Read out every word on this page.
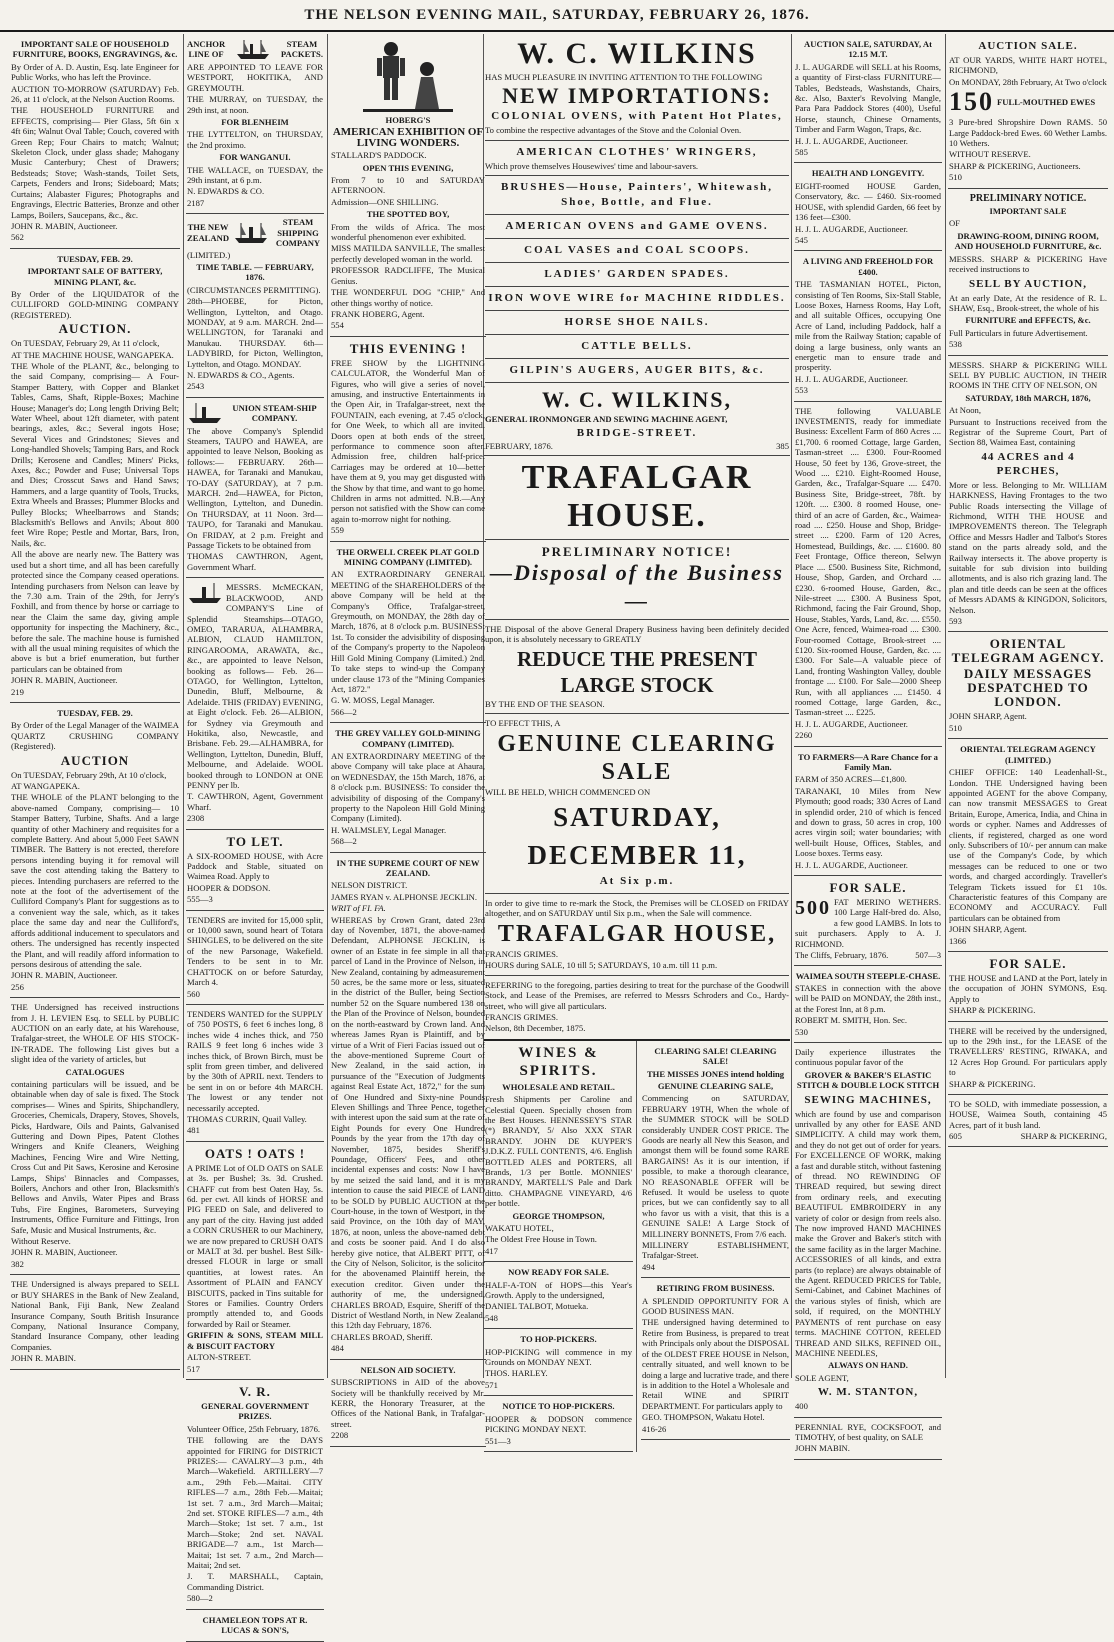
THE NELSON EVENING MAIL, SATURDAY, FEBRUARY 26, 1876.
IMPORTANT SALE OF HOUSEHOLD FURNITURE, BOOKS, ENGRAVINGS, &c.

By Order of A. D. Austin, Esq. late Engineer for Public Works, who has left the Province.

AUCTION TO-MORROW (SATURDAY) Feb. 26, at 11 o'clock, at the Nelson Auction Rooms.

THE HOUSEHOLD FURNITURE and EFFECTS, comprising— Pier Glass, 5ft 6in x 4ft 6in; Walnut Oval Table; Couch, covered with Green Rep; Four Chairs to match; Walnut; Skeleton Clock, under glass shade; Mahogany Music Canterbury; Chest of Drawers; Bedsteads; Stove; Wash-stands, Toilet Sets, Carpets, Fenders and Irons; Sideboard; Mats; Curtains; Alabaster Figures; Photographs and Engravings, Electric Batteries, Bronze and other Lamps, Boilers, Saucepans, &c., &c.

JOHN R. MABIN, Auctioneer.

562

TUESDAY, FEB. 29.
IMPORTANT SALE OF BATTERY, MINING PLANT, &c.

By Order of the LIQUIDATOR of the CULLIFORD GOLD-MINING COMPANY (REGISTERED).

AUCTION.

On TUESDAY, February 29, At 11 o'clock,

AT THE MACHINE HOUSE, WANGAPEKA.

THE Whole of the PLANT, &c., belonging to the said Company, comprising— A Four-Stamper Battery, with Copper and Blanket Tables, Cams, Shaft, Ripple-Boxes; Machine House; Manager's do; Long length Driving Belt; Water Wheel, about 12ft diameter, with patent bearings, axles, &c.; Several ingots Hose; Several Vices and Grindstones; Sieves and Long-handled Shovels; Tamping Bars, and Rock Drills; Kerosene and Candles; Miners' Picks, Axes, &c.; Powder and Fuse; Universal Tops and Dies; Crosscut Saws and Hand Saws; Hammers, and a large quantity of Tools, Trucks, Extra Wheels and Brasses; Plummer Blocks and Pulley Blocks; Wheelbarrows and Stands; Blacksmith's Bellows and Anvils; About 800 feet Wire Rope; Pestle and Mortar, Bars, Iron, Nails, &c.

All the above are nearly new. The Battery was used but a short time, and all has been carefully protected since the Company ceased operations. Intending purchasers from Nelson can leave by the 7.30 a.m. Train of the 29th, for Jerry's Foxhill, and from thence by horse or carriage to near the Claim the same day, giving ample opportunity for inspecting the Machinery, &c., before the sale. The machine house is furnished with all the usual mining requisites of which the above is but a brief enumeration, but further particulars can be obtained from

JOHN R. MABIN, Auctioneer.

219

TUESDAY, FEB. 29.

By Order of the Legal Manager of the WAIMEA QUARTZ CRUSHING COMPANY (Registered).

AUCTION

On TUESDAY, February 29th, At 10 o'clock,

AT WANGAPEKA.

THE WHOLE of the PLANT belonging to the above-named Company, comprising— 10 Stamper Battery, Turbine, Shafts. And a large quantity of other Machinery and requisites for a complete Battery. And about 5,000 Feet SAWN TIMBER. The Battery is not erected, therefore persons intending buying it for removal will save the cost attending taking the Battery to pieces. Intending purchasers are referred to the note at the foot of the advertisement of the Culliford Company's Plant for suggestions as to a convenient way the sale, which, as it takes place the same day and near the Culliford's, affords additional inducement to speculators and others. The undersigned has recently inspected the Plant, and will readily afford information to persons desirous of attending the sale.

JOHN R. MABIN, Auctioneer.

256

THE Undersigned has received instructions from J. H. LEVIEN Esq. to SELL by PUBLIC AUCTION on an early date, at his Warehouse, Trafalgar-street, the WHOLE OF HIS STOCK-IN-TRADE. The following List gives but a slight idea of the variety of articles, but

CATALOGUES

containing particulars will be issued, and be obtainable when day of sale is fixed. The Stock comprises— Wines and Spirits, Shipchandlery, Groceries, Chemicals, Drapery, Stoves, Shovels, Picks, Hardware, Oils and Paints, Galvanised Guttering and Down Pipes, Patent Clothes Wringers and Knife Cleaners, Weighing Machines, Fencing Wire and Wire Netting, Cross Cut and Pit Saws, Kerosine and Kerosine Lamps, Ships' Binnacles and Compasses, Boilers, Anchors and other Iron, Blacksmith's Bellows and Anvils, Water Pipes and Brass Tubs, Fire Engines, Barometers, Surveying Instruments, Office Furniture and Fittings, Iron Safe, Music and Musical Instruments, &c.

Without Reserve.

JOHN R. MABIN, Auctioneer.

382

THE Undersigned is always prepared to SELL or BUY SHARES in the Bank of New Zealand, National Bank, Fiji Bank, New Zealand Insurance Company, South British Insurance Company, National Insurance Company, Standard Insurance Company, other leading Companies.

JOHN R. MABIN.

ANCHOR
LINE OF
STEAM
PACKETS.

ARE APPOINTED TO LEAVE FOR WESTPORT, HOKITIKA, AND GREYMOUTH.

THE MURRAY, on TUESDAY, the 29th inst, at noon.

FOR BLENHEIM

THE LYTTELTON, on THURSDAY, the 2nd proximo.

FOR WANGANUI.

THE WALLACE, on TUESDAY, the 29th instant, at 6 p.m.

N. EDWARDS & CO.

2187

THE NEW ZEALAND
STEAM SHIPPING COMPANY

(LIMITED.)

TIME TABLE. — FEBRUARY, 1876.

(CIRCUMSTANCES PERMITTING).

28th—PHOEBE, for Picton, Wellington, Lyttelton, and Otago. MONDAY, at 9 a.m. MARCH. 2nd—WELLINGTON, for Taranaki and Manukau. THURSDAY. 6th—LADYBIRD, for Picton, Wellington, Lyttelton, and Otago. MONDAY.

N. EDWARDS & CO., Agents.

2543

UNION STEAM-SHIP COMPANY.

The above Company's Splendid Steamers, TAUPO and HAWEA, are appointed to leave Nelson, Booking as follows:— FEBRUARY. 26th—HAWEA, for Taranaki and Manukau, TO-DAY (SATURDAY), at 7 p.m. MARCH. 2nd—HAWEA, for Picton, Wellington, Lyttelton, and Dunedin. On THURSDAY, at 11 Noon. 3rd—TAUPO, for Taranaki and Manukau. On FRIDAY, at 2 p.m. Freight and Passage Tickets to be obtained from

THOMAS CAWTHRON, Agent, Government Wharf.

MESSRS. McMECKAN, BLACKWOOD, AND COMPANY'S Line of Splendid Steamships—OTAGO, OMEO, TARARUA, ALHAMBRA, ALBION, CLAUD HAMILTON, RINGAROOMA, ARAWATA, &c., &c., are appointed to leave Nelson, booking as follows— Feb. 26—OTAGO, for Wellington, Lyttelton, Dunedin, Bluff, Melbourne, & Adelaide. THIS (FRIDAY) EVENING, at Eight o'clock. Feb. 26—ALBION, for Sydney via Greymouth and Hokitika, also, Newcastle, and Brisbane. Feb. 29.—ALHAMBRA, for Wellington, Lyttelton, Dunedin, Bluff, Melbourne, and Adelaide. WOOL booked through to LONDON at ONE PENNY per lb.

T. CAWTHRON, Agent, Government Wharf.

2308

TO LET.

A SIX-ROOMED HOUSE, with Acre Paddock and Stable, situated on Waimea Road. Apply to

HOOPER & DODSON.

555—3

TENDERS are invited for 15,000 split, or 10,000 sawn, sound heart of Totara SHINGLES, to be delivered on the site of the new Parsonage, Wakefield. Tenders to be sent in to Mr. CHATTOCK on or before Saturday, March 4.

560

TENDERS WANTED for the SUPPLY of 750 POSTS, 6 feet 6 inches long, 8 inches wide 4 inches thick, and 750 RAILS 9 feet long 6 inches wide 3 inches thick, of Brown Birch, must be split from green timber, and delivered by the 30th of APRIL next. Tenders to be sent in on or before 4th MARCH. The lowest or any tender not necessarily accepted.

THOMAS CURRIN, Quail Valley.

481

OATS ! OATS !

A PRIME Lot of OLD OATS on SALE at 3s. per Bushel; 3s. 3d. Crushed. CHAFF cut from best Oaten Hay, 5s. 6d. per cwt. All kinds of HORSE and PIG FEED on Sale, and delivered to any part of the city. Having just added a CORN CRUSHER to our Machinery, we are now prepared to CRUSH OATS or MALT at 3d. per bushel. Best Silk-dressed FLOUR in large or small quantities, at lowest rates. An Assortment of PLAIN and FANCY BISCUITS, packed in Tins suitable for Stores or Families. Country Orders promptly attended to, and Goods forwarded by Rail or Steamer.

GRIFFIN & SONS, STEAM MILL & BISCUIT FACTORY

ALTON-STREET.

517

V. R.
GENERAL GOVERNMENT PRIZES.

Volunteer Office, 25th February, 1876.

THE following are the DAYS appointed for FIRING for DISTRICT PRIZES:— CAVALRY—3 p.m., 4th March—Wakefield. ARTILLERY—7 a.m., 29th Feb.—Maitai. CITY RIFLES—7 a.m., 28th Feb.—Maitai; 1st set. 7 a.m., 3rd March—Maitai; 2nd set. STOKE RIFLES—7 a.m., 4th March—Stoke; 1st set. 7 a.m., 1st March—Stoke; 2nd set. NAVAL BRIGADE—7 a.m., 1st March—Maitai; 1st set. 7 a.m., 2nd March—Maitai; 2nd set.

J. T. MARSHALL, Captain, Commanding District.

580—2

CHAMELEON TOPS AT R. LUCAS & SON'S,
HOBERG'S
AMERICAN EXHIBITION OF LIVING WONDERS.

STALLARD'S PADDOCK.

OPEN THIS EVENING,

From 7 to 10 and SATURDAY AFTERNOON.

Admission—ONE SHILLING.

THE SPOTTED BOY,

From the wilds of Africa. The most wonderful phenomenon ever exhibited.

MISS MATILDA SANVILLE, The smallest perfectly developed woman in the world.

PROFESSOR RADCLIFFE, The Musical Genius.

THE WONDERFUL DOG "CHIP," And other things worthy of notice.

FRANK HOBERG, Agent.

554

THIS EVENING !

FREE SHOW by the LIGHTNING CALCULATOR, the Wonderful Man of Figures, who will give a series of novel, amusing, and instructive Entertainments in the Open Air, in Trafalgar-street, next the FOUNTAIN, each evening, at 7.45 o'clock, for One Week, to which all are invited. Doors open at both ends of the street, performance to commence soon after. Admission free, children half-price. Carriages may be ordered at 10—better have them at 9, you may get disgusted with the Show by that time, and want to go home. Children in arms not admitted. N.B.—Any person not satisfied with the Show can come again to-morrow night for nothing.

559

THE ORWELL CREEK PLAT GOLD MINING COMPANY (LIMITED).

AN EXTRAORDINARY GENERAL MEETING of the SHAREHOLDERS of the above Company will be held at the Company's Office, Trafalgar-street, Greymouth, on MONDAY, the 28th day of March, 1876, at 8 o'clock p.m. BUSINESS: 1st. To consider the advisibility of disposing of the Company's property to the Napoleon Hill Gold Mining Company (Limited.) 2nd. To take steps to wind-up the Company under clause 173 of the "Mining Companies Act, 1872."

G. W. MOSS, Legal Manager.

566—2

THE GREY VALLEY GOLD-MINING COMPANY (LIMITED).

AN EXTRAORDINARY MEETING of the above Company will take place at Ahaura, on WEDNESDAY, the 15th March, 1876, at 8 o'clock p.m. BUSINESS: To consider the advisibility of disposing of the Company's property to the Napoleon Hill Gold Mining Company (Limited).

H. WALMSLEY, Legal Manager.

568—2

IN THE SUPREME COURT OF NEW ZEALAND.

NELSON DISTRICT.

JAMES RYAN v. ALPHONSE JECKLIN.

WRIT of FI. FA.

WHEREAS by Crown Grant, dated 23rd day of November, 1871, the above-named Defendant, ALPHONSE JECKLIN, is owner of an Estate in fee simple in all that parcel of Land in the Province of Nelson, in New Zealand, containing by admeasurement 50 acres, be the same more or less, situated in the district of the Buller, being Section number 52 on the Square numbered 138 on the Plan of the Province of Nelson, bounded on the north-eastward by Crown land. And whereas James Ryan is Plaintiff, and by virtue of a Writ of Fieri Facias issued out of the above-mentioned Supreme Court of New Zealand, in the said action, in pursuance of the "Execution of Judgments against Real Estate Act, 1872," for the sum of One Hundred and Sixty-nine Pounds Eleven Shillings and Three Pence, together with interest upon the said sum at the rate of Eight Pounds for every One Hundred Pounds by the year from the 17th day of November, 1875, besides Sheriff's Poundage, Officers' Fees, and other incidental expenses and costs: Now I have by me seized the said land, and it is my intention to cause the said PIECE of LAND to be SOLD by PUBLIC AUCTION at the Court-house, in the town of Westport, in the said Province, on the 10th day of MAY, 1876, at noon, unless the above-named debt and costs be sooner paid. And I do also hereby give notice, that ALBERT PITT, of the City of Nelson, Solicitor, is the solicitor for the abovenamed Plaintiff herein, the execution creditor. Given under the authority of me, the undersigned, CHARLES BROAD, Esquire, Sheriff of the District of Westland North, in New Zealand, this 12th day February, 1876.

CHARLES BROAD, Sheriff.

484

NELSON AID SOCIETY.

SUBSCRIPTIONS in AID of the above Society will be thankfully received by Mr. KERR, the Honorary Treasurer, at the Offices of the National Bank, in Trafalgar-street.

2208

W. C. WILKINS

HAS MUCH PLEASURE IN INVITING ATTENTION TO THE FOLLOWING

NEW IMPORTATIONS:
COLONIAL OVENS, with Patent Hot Plates,

To combine the respective advantages of the Stove and the Colonial Oven.

AMERICAN CLOTHES' WRINGERS,

Which prove themselves Housewives' time and labour-savers.

BRUSHES—House, Painters', Whitewash, Shoe, Bottle, and Flue.
AMERICAN OVENS and GAME OVENS.
COAL VASES and COAL SCOOPS.
LADIES' GARDEN SPADES.
IRON WOVE WIRE for MACHINE RIDDLES.
HORSE SHOE NAILS.
CATTLE BELLS.
GILPIN'S AUGERS, AUGER BITS, &c.
W. C. WILKINS,

GENERAL IRONMONGER AND SEWING MACHINE AGENT,

BRIDGE-STREET.
FEBRUARY, 1876.	385
TRAFALGAR HOUSE.
PRELIMINARY NOTICE!
—Disposal of the Business—

THE Disposal of the above General Drapery Business having been definitely decided upon, it is absolutely necessary to GREATLY

REDUCE THE PRESENT LARGE STOCK

BY THE END OF THE SEASON.

TO EFFECT THIS, A

GENUINE CLEARING SALE

WILL BE HELD, WHICH COMMENCED ON

SATURDAY, DECEMBER 11,
At Six p.m.

In order to give time to re-mark the Stock, the Premises will be CLOSED on FRIDAY altogether, and on SATURDAY until Six p.m., when the Sale will commence.

TRAFALGAR HOUSE,

FRANCIS GRIMES.

HOURS during SALE, 10 till 5; SATURDAYS, 10 a.m. till 11 p.m.

REFERRING to the foregoing, parties desiring to treat for the purchase of the Goodwill Stock, and Lease of the Premises, are referred to Messrs Schroders and Co., Hardy-street, who will give all particulars.

FRANCIS GRIMES.

Nelson, 8th December, 1875.

WINES & SPIRITS.
WHOLESALE AND RETAIL.

Fresh Shipments per Caroline and Celestial Queen. Specially chosen from the Best Houses. HENNESSEY'S STAR (*) BRANDY, 5/ Also XXX STAR BRANDY. JOHN DE KUYPER'S J.D.K.Z. FULL CONTENTS, 4/6. English BOTTLED ALES and PORTERS, all Brands, 1/3 per Bottle. MONNIES' BRANDY, MARTELL'S Pale and Dark ditto. CHAMPAGNE VINEYARD, 4/6 per bottle.

GEORGE THOMPSON,

WAKATU HOTEL,

The Oldest Free House in Town.

417

NOW READY FOR SALE.

HALF-A-TON of HOPS—this Year's Growth. Apply to the undersigned,

DANIEL TALBOT, Motueka.

548

TO HOP-PICKERS.

HOP-PICKING will commence in my Grounds on MONDAY NEXT.

THOS. HARLEY.

571

NOTICE TO HOP-PICKERS.

HOOPER & DODSON commence PICKING MONDAY NEXT.

551—3

CLEARING SALE! CLEARING SALE!
THE MISSES JONES intend holding
GENUINE CLEARING SALE,

Commencing on SATURDAY, FEBRUARY 19TH, When the whole of the SUMMER STOCK will be SOLD considerably UNDER COST PRICE. The Goods are nearly all New this Season, and amongst them will be found some RARE BARGAINS! As it is our intention, if possible, to make a thorough clearance, NO REASONABLE OFFER will be Refused. It would be useless to quote prices, but we can confidently say to all who favor us with a visit, that this is a GENUINE SALE! A Large Stock of MILLINERY BONNETS, From 7/6 each.

MILLINERY ESTABLISHMENT, Trafalgar-Street.

494

RETIRING FROM BUSINESS.

A SPLENDID OPPORTUNITY FOR A GOOD BUSINESS MAN.

THE undersigned having determined to Retire from Business, is prepared to treat with Principals only about the DISPOSAL of the OLDEST FREE HOUSE in Nelson, centrally situated, and well known to be doing a large and lucrative trade, and there is in addition to the Hotel a Wholesale and Retail WINE and SPIRIT DEPARTMENT. For particulars apply to

GEO. THOMPSON, Wakatu Hotel.

416-26

AUCTION SALE, SATURDAY, At 12.15 M.T.

J. L. AUGARDE will SELL at his Rooms, a quantity of First-class FURNITURE—Tables, Bedsteads, Washstands, Chairs, &c. Also, Baxter's Revolving Mangle, Para Para Paddock Stores (400), Useful Horse, staunch, Chinese Ornaments, Timber and Farm Wagon, Traps, &c.

H. J. L. AUGARDE, Auctioneer.

585

HEALTH AND LONGEVITY.

EIGHT-roomed HOUSE Garden, Conservatory, &c. — £460. Six-roomed HOUSE, with splendid Garden, 66 feet by 136 feet—£300.

H. J. L. AUGARDE, Auctioneer.

545

A LIVING AND FREEHOLD FOR £400.

THE TASMANIAN HOTEL, Picton, consisting of Ten Rooms, Six-Stall Stable, Loose Boxes, Harness Rooms, Hay Loft, and all suitable Offices, occupying One Acre of Land, including Paddock, half a mile from the Railway Station; capable of doing a large business, only wants an energetic man to ensure trade and prosperity.

H. J. L. AUGARDE, Auctioneer.

553

THE following VALUABLE INVESTMENTS, ready for immediate Business: Excellent Farm of 860 Acres .... £1,700. 6 roomed Cottage, large Garden, Tasman-street .... £300. Four-Roomed House, 50 feet by 136, Grove-street, the Wood .... £210. Eight-Roomed House, Garden, &c., Trafalgar-Square .... £470. Business Site, Bridge-street, 78ft. by 120ft. .... £300. 8 roomed House, one-third of an acre of Garden, &c., Waimea-road .... £250. House and Shop, Bridge-street .... £200. Farm of 120 Acres, Homestead, Buildings, &c. .... £1600. 80 Feet Frontage, Office thereon, Selwyn Place .... £500. Business Site, Richmond, House, Shop, Garden, and Orchard .... £230. 6-roomed House, Garden, &c., Nile-street .... £300. A Business Spot, Richmond, facing the Fair Ground, Shop, House, Stables, Yards, Land, &c. .... £550. One Acre, fenced, Waimea-road .... £300. Four-roomed Cottage, Brook-street .... £120. Six-roomed House, Garden, &c. .... £300. For Sale—A valuable piece of Land, fronting Washington Valley, double frontage .... £100. For Sale—2000 Sheep Run, with all appliances .... £1450. 4 roomed Cottage, large Garden, &c., Tasman-street .... £225.

H. J. L. AUGARDE, Auctioneer.

2260

TO FARMERS—A Rare Chance for a Family Man.

FARM of 350 ACRES—£1,800.

TARANAKI, 10 Miles from New Plymouth; good roads; 330 Acres of Land in splendid order, 210 of which is fenced and down to grass, 50 acres in crop, 100 acres virgin soil; water boundaries; with well-built House, Offices, Stables, and Loose boxes. Terms easy.

H. J. L. AUGARDE, Auctioneer.

FOR SALE.
500 FAT MERINO WETHERS. 100 Large Half-bred do. Also, a few good LAMBS. In lots to suit purchasers. Apply to A. J. RICHMOND.

The Cliffs, February, 1876.	507—3
WAIMEA SOUTH STEEPLE-CHASE.

STAKES in connection with the above will be PAID on MONDAY, the 28th inst., at the Forest Inn, at 8 p.m.

ROBERT M. SMITH, Hon. Sec.

530

Daily experience illustrates the continuous popular favor of the

GROVER & BAKER'S ELASTIC STITCH & DOUBLE LOCK STITCH
SEWING MACHINES,

which are found by use and comparison unrivalled by any other for EASE AND SIMPLICITY. A child may work them, and they do not get out of order for years. For EXCELLENCE OF WORK, making a fast and durable stitch, without fastening of thread. NO REWINDING OF THREAD required, but sewing direct from ordinary reels, and executing BEAUTIFUL EMBROIDERY in any variety of color or design from reels also. The now improved HAND MACHINES make the Grover and Baker's stitch with the same facility as in the larger Machine. ACCESSORIES of all kinds, and extra parts (to replace) are always obtainable of the Agent. REDUCED PRICES for Table, Semi-Cabinet, and Cabinet Machines of the various styles of finish, which are sold, if required, on the MONTHLY PAYMENTS of rent purchase on easy terms. MACHINE COTTON, REELED THREAD AND SILKS, REFINED OIL, MACHINE NEEDLES,

ALWAYS ON HAND.

SOLE AGENT,

W. M. STANTON,

400

PERENNIAL RYE, COCKSFOOT, and TIMOTHY, of best quality, on SALE

JOHN MABIN.

AUCTION SALE.

AT OUR YARDS, WHITE HART HOTEL, RICHMOND,

On MONDAY, 28th February, At Two o'clock

150 FULL-MOUTHED EWES

3 Pure-bred Shropshire Down RAMS. 50 Large Paddock-bred Ewes. 60 Wether Lambs. 10 Wethers.

WITHOUT RESERVE.

SHARP & PICKERING, Auctioneers.

510

PRELIMINARY NOTICE.
IMPORTANT SALE

OF

DRAWING-ROOM, DINING ROOM, AND HOUSEHOLD FURNITURE, &c.

MESSRS. SHARP & PICKERING Have received instructions to

SELL BY AUCTION,

At an early Date, At the residence of R. L. SHAW, Esq., Brook-street, the whole of his

FURNITURE and EFFECTS, &c.

Full Particulars in future Advertisement.

538

MESSRS. SHARP & PICKERING WILL SELL BY PUBLIC AUCTION, IN THEIR ROOMS IN THE CITY OF NELSON, ON

SATURDAY, 18th MARCH, 1876,

At Noon,

Pursuant to Instructions received from the Registrar of the Supreme Court, Part of Section 88, Waimea East, containing

44 ACRES and 4 PERCHES,

More or less. Belonging to Mr. WILLIAM HARKNESS, Having Frontages to the two Public Roads intersecting the Village of Richmond, WITH THE HOUSE and IMPROVEMENTS thereon. The Telegraph Office and Messrs Hadler and Talbot's Stores stand on the parts already sold, and the Railway intersects it. The above property is suitable for sub division into building allotments, and is also rich grazing land. The plan and title deeds can be seen at the offices of Messrs ADAMS & KINGDON, Solicitors, Nelson.

593

ORIENTAL TELEGRAM AGENCY.
DAILY MESSAGES DESPATCHED TO LONDON.

JOHN SHARP, Agent.

510

ORIENTAL TELEGRAM AGENCY (LIMITED.)

CHIEF OFFICE: 140 Leadenhall-St., London. THE Undersigned having been appointed AGENT for the above Company, can now transmit MESSAGES to Great Britain, Europe, America, India, and China in words or cypher. Names and Addresses of clients, if registered, charged as one word only. Subscribers of 10/- per annum can make use of the Company's Code, by which messages can be reduced to one or two words, and charged accordingly. Traveller's Telegram Tickets issued for £1 10s. Characteristic features of this Company are ECONOMY and ACCURACY. Full particulars can be obtained from

JOHN SHARP, Agent.

1366

FOR SALE.

THE HOUSE and LAND at the Port, lately in the occupation of JOHN SYMONS, Esq. Apply to

SHARP & PICKERING.

THERE will be received by the undersigned, up to the 29th inst., for the LEASE of the TRAVELLERS' RESTING, RIWAKA, and 12 Acres Hop Ground. For particulars apply to

SHARP & PICKERING.

TO be SOLD, with immediate possession, a HOUSE, Waimea South, containing 45 Acres, part of it bush land.

605	SHARP & PICKERING,
